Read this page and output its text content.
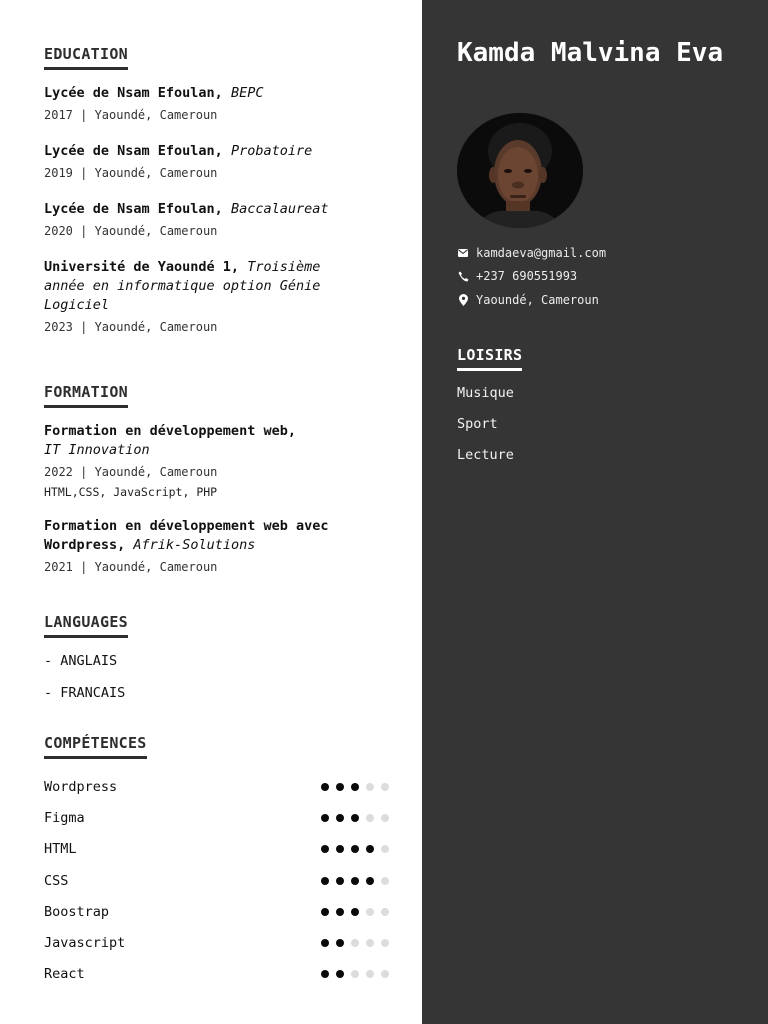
EDUCATION
Lycée de Nsam Efoulan, BEPC
2017 | Yaoundé, Cameroun
Lycée de Nsam Efoulan, Probatoire
2019 | Yaoundé, Cameroun
Lycée de Nsam Efoulan, Baccalaureat
2020 | Yaoundé, Cameroun
Université de Yaoundé 1, Troisième année en informatique option Génie Logiciel
2023 | Yaoundé, Cameroun
FORMATION
Formation en développement web,
IT Innovation
2022 | Yaoundé, Cameroun
HTML,CSS, JavaScript, PHP
Formation en développement web avec Wordpress, Afrik-Solutions
2021 | Yaoundé, Cameroun
LANGUAGES
- ANGLAIS
- FRANCAIS
COMPÉTENCES
Wordpress
Figma
HTML
CSS
Boostrap
Javascript
React
Kamda Malvina Eva
kamdaeva@gmail.com
+237 690551993
Yaoundé, Cameroun
LOISIRS
Musique
Sport
Lecture
